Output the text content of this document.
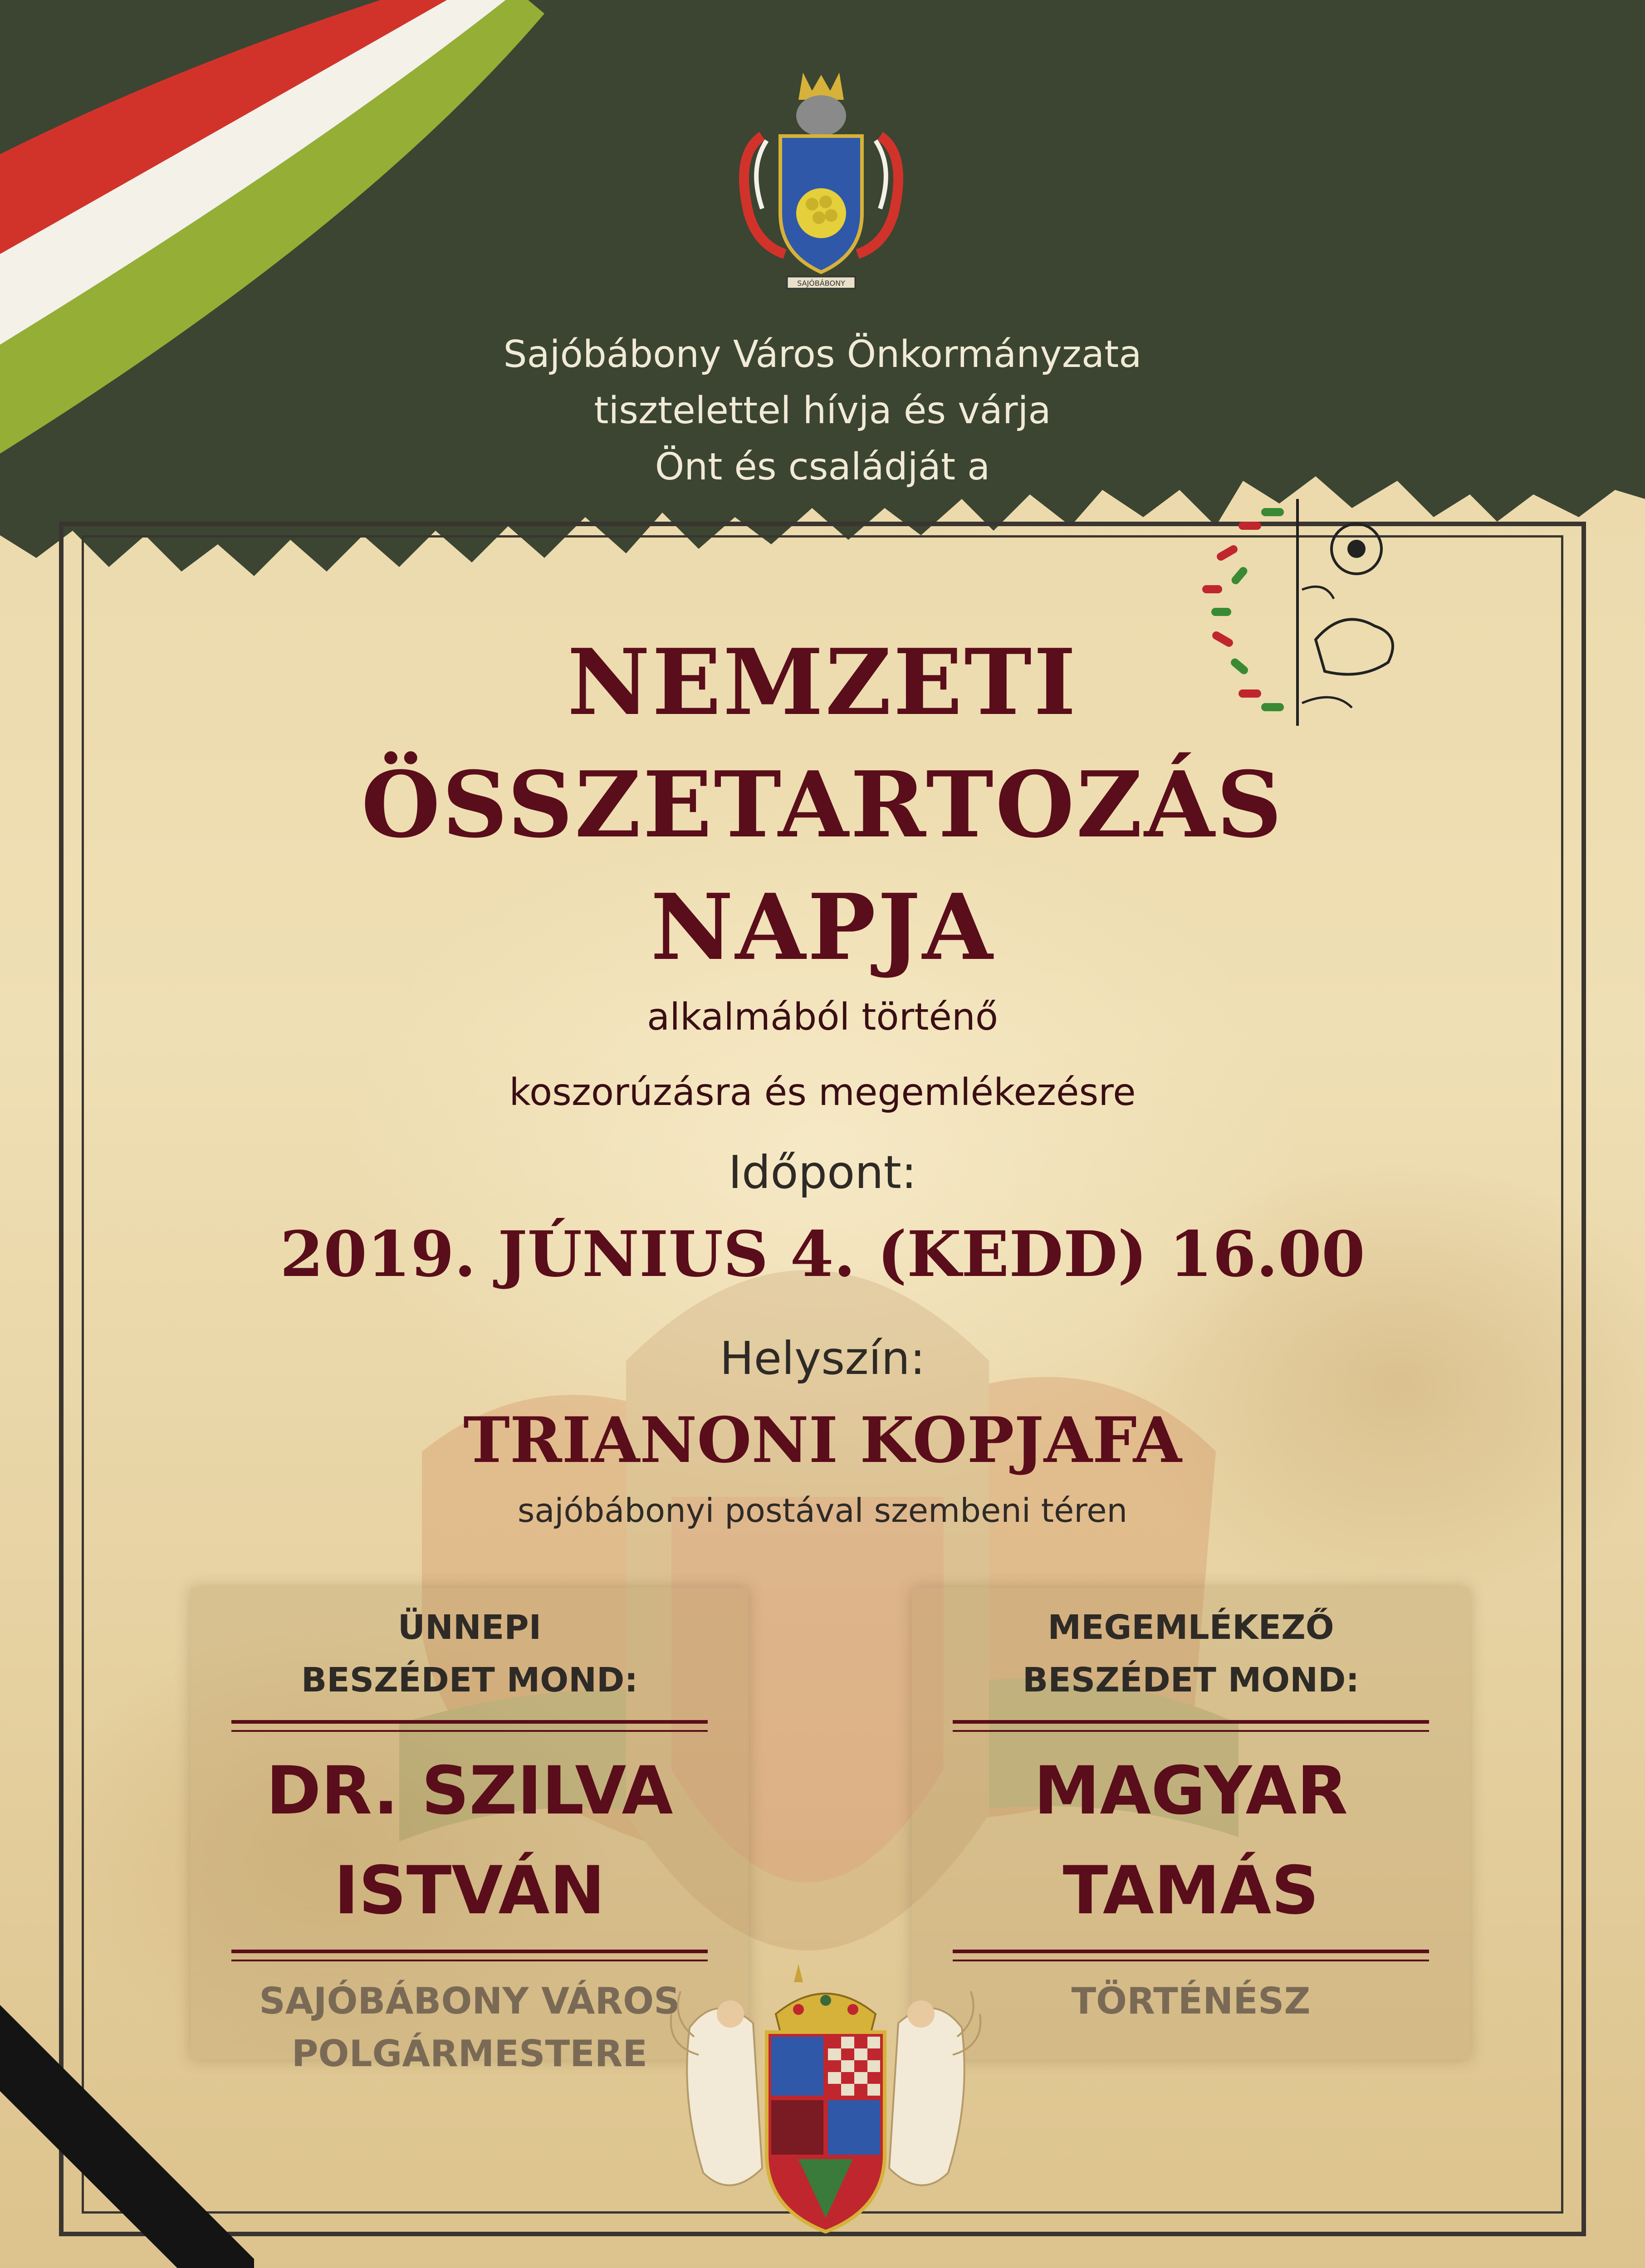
SAJÓBÁBONY
Sajóbábony Város Önkormányzata
tisztelettel hívja és várja
Önt és családját a
NEMZETI
ÖSSZETARTOZÁS
NAPJA
alkalmából történő
koszorúzásra és megemlékezésre
Időpont:
2019. JÚNIUS 4. (KEDD) 16.00
Helyszín:
TRIANONI KOPJAFA
sajóbábonyi postával szembeni téren
ÜNNEPI
BESZÉDET MOND:
DR. SZILVA
ISTVÁN
SAJÓBÁBONY VÁROS
POLGÁRMESTERE
MEGEMLÉKEZŐ
BESZÉDET MOND:
MAGYAR
TAMÁS
TÖRTÉNÉSZ
